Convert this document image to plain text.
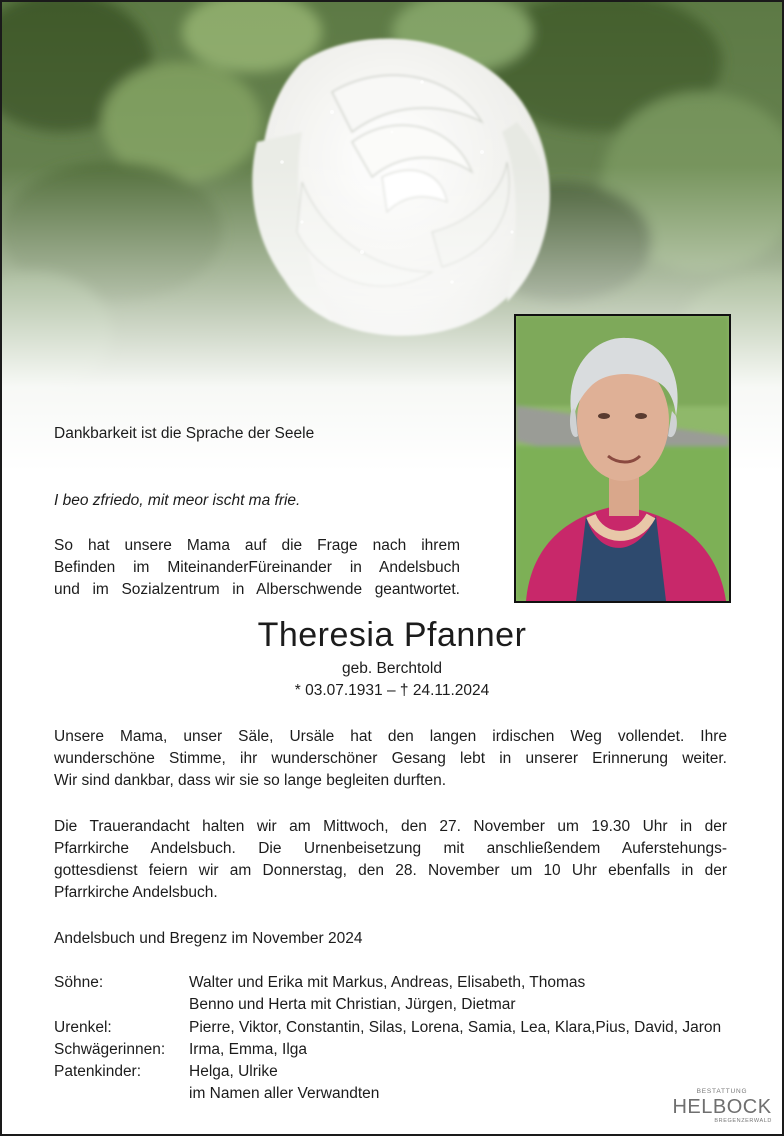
Dankbarkeit ist die Sprache der Seele
I beo zfriedo, mit meor ischt ma frie.
So hat unsere Mama auf die Frage nach ihrem
Befinden im MiteinanderFüreinander in Andelsbuch
und im Sozialzentrum in Alberschwende geantwortet.
Theresia Pfanner
geb. Berchtold
* 03.07.1931 – † 24.11.2024
Unsere Mama, unser Säle, Ursäle hat den langen irdischen Weg vollendet. Ihre
wunderschöne Stimme, ihr wunderschöner Gesang lebt in unserer Erinnerung weiter.
Wir sind dankbar, dass wir sie so lange begleiten durften.
Die Trauerandacht halten wir am Mittwoch, den 27. November um 19.30 Uhr in der
Pfarrkirche Andelsbuch. Die Urnenbeisetzung mit anschließendem Auferstehungs-
gottesdienst feiern wir am Donnerstag, den 28. November um 10 Uhr ebenfalls in der
Pfarrkirche Andelsbuch.
Andelsbuch und Bregenz im November 2024
Söhne:	Walter und Erika mit Markus, Andreas, Elisabeth, Thomas
Benno und Herta mit Christian, Jürgen, Dietmar
Urenkel:	Pierre, Viktor, Constantin, Silas, Lorena, Samia, Lea, Klara,Pius, David, Jaron
Schwägerinnen:	Irma, Emma, Ilga
Patenkinder:	Helga, Ulrike
im Namen aller Verwandten	BESTATTUNG
HELBOCK
BREGENZERWALD
